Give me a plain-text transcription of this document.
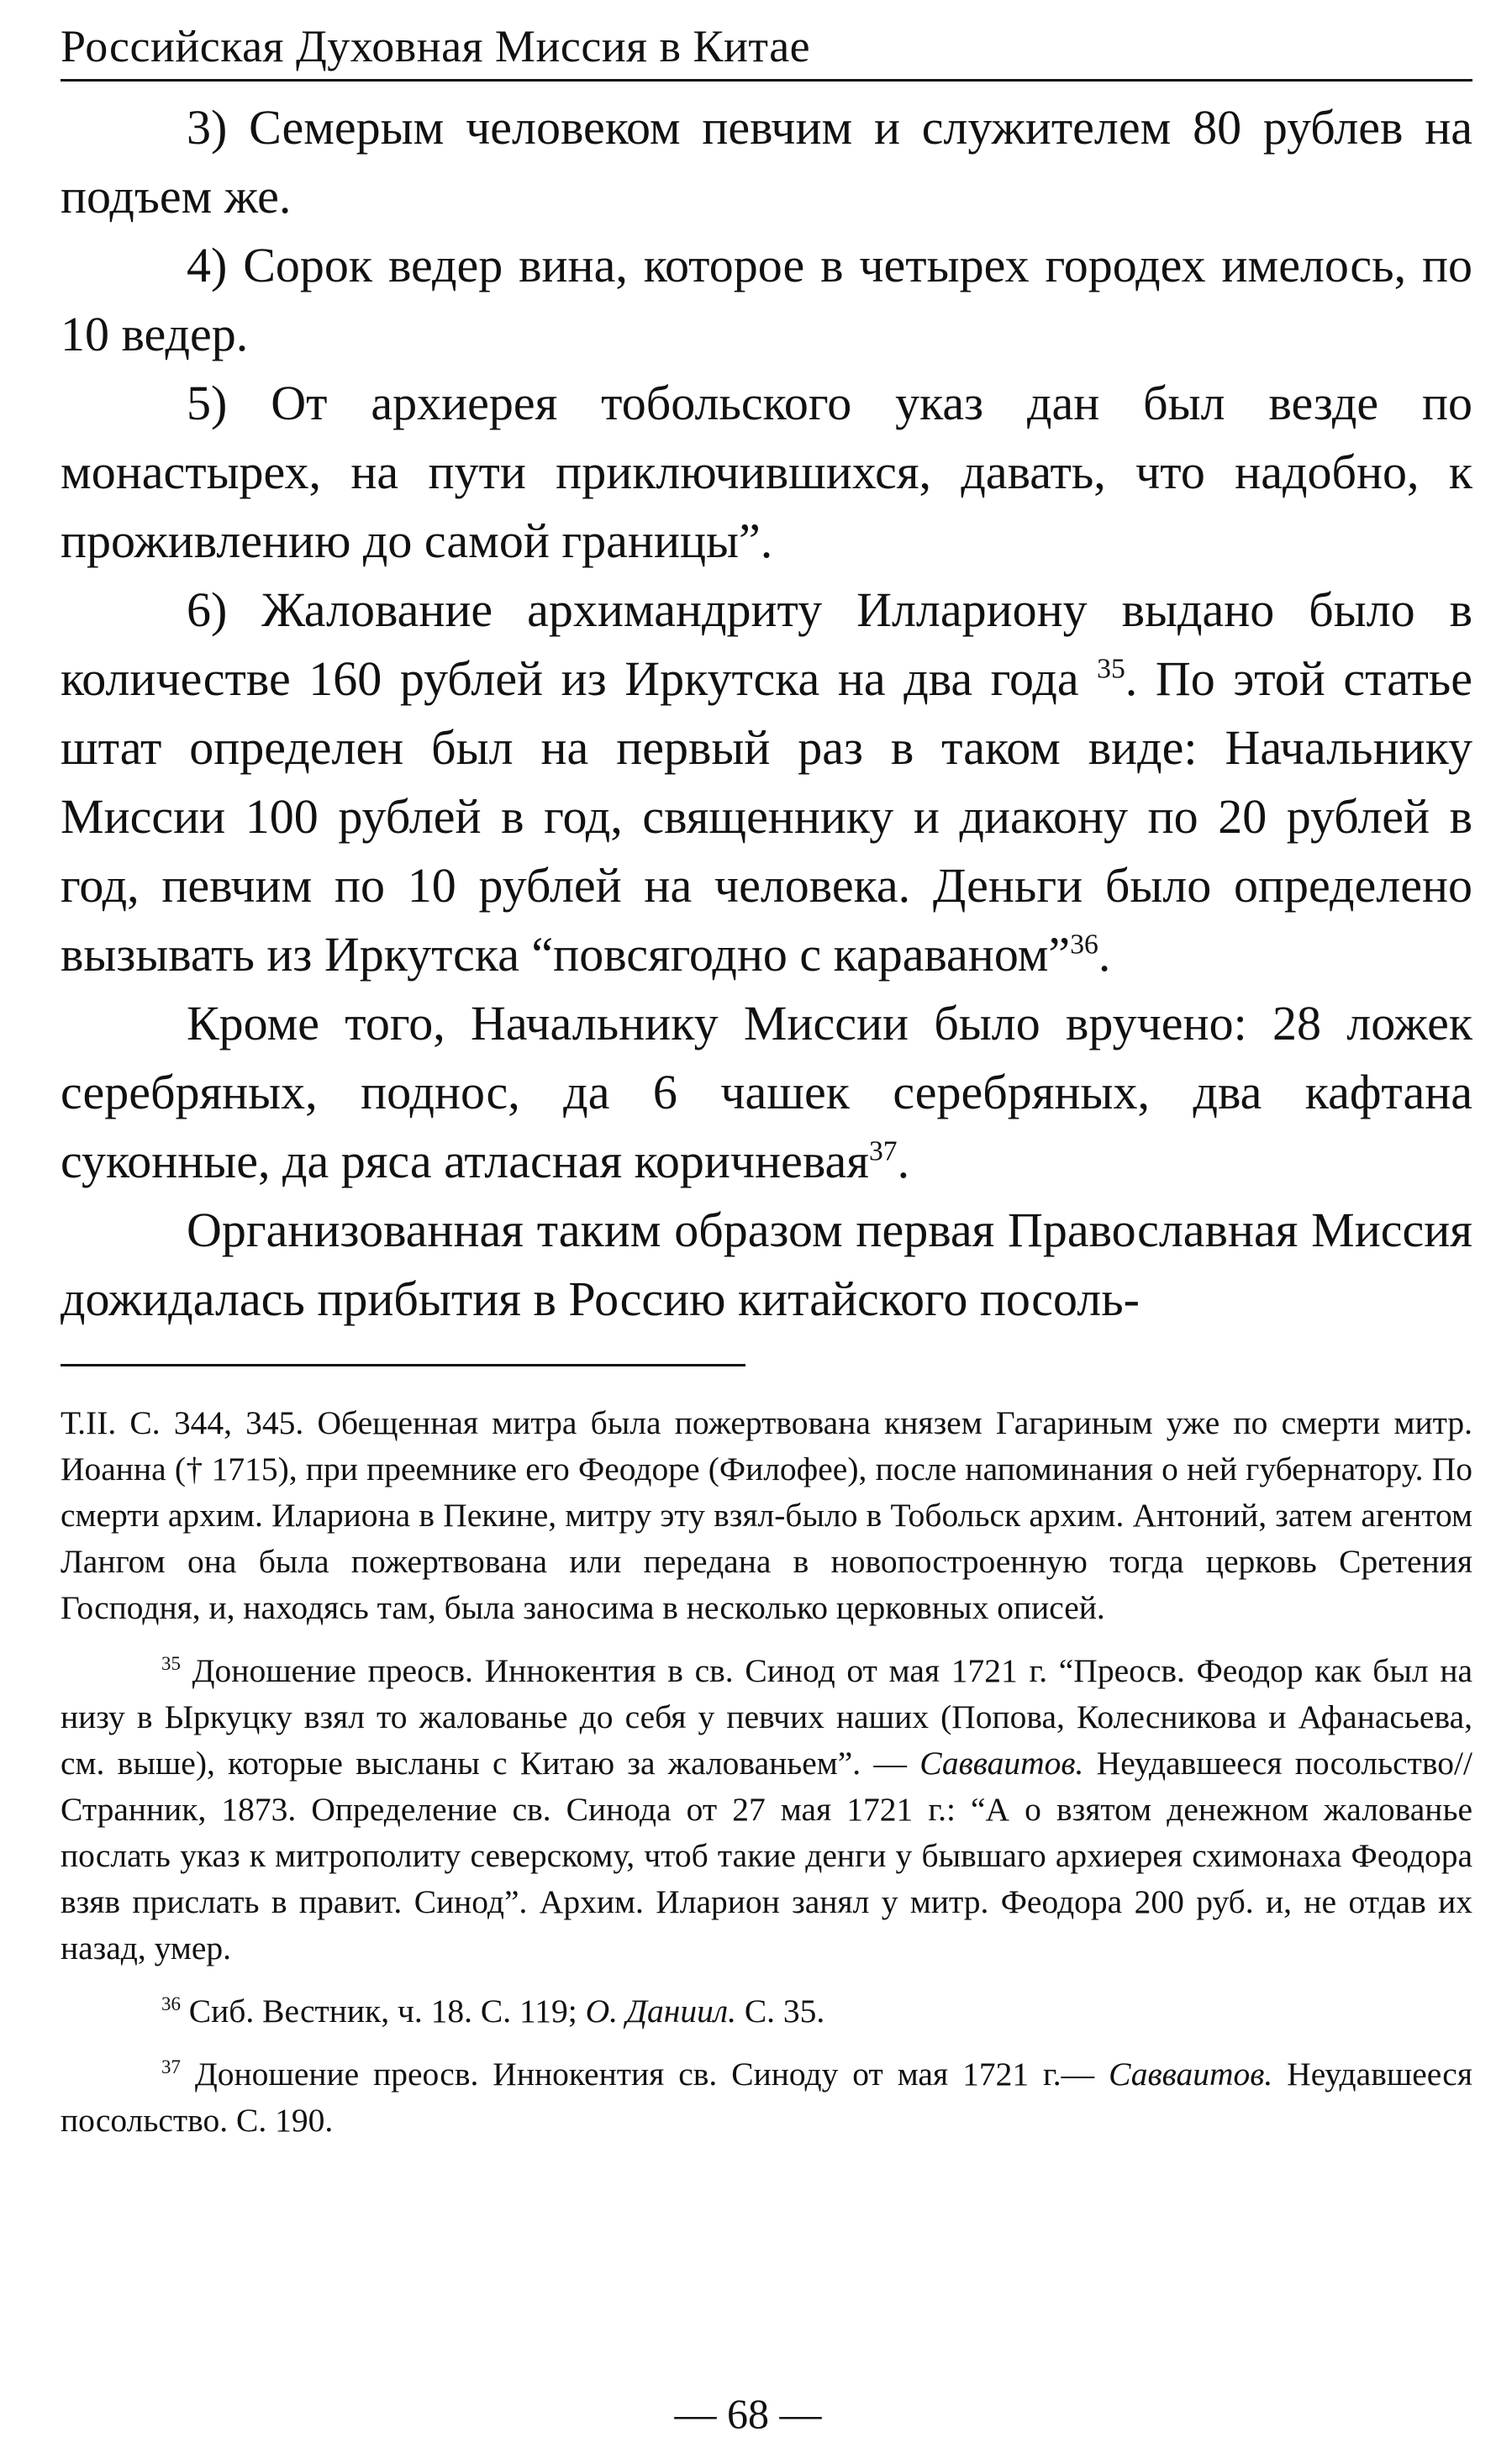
Российская Духовная Миссия в Китае

3) Семерым человеком певчим и служителем 80 рублев на подъем же.

4) Сорок ведер вина, которое в четырех городех имелось, по 10 ведер.

5) От архиерея тобольского указ дан был везде по монастырех, на пути приключившихся, давать, что надобно, к проживлению до самой границы”.

6) Жалование архимандриту Иллариону выдано было в количестве 160 рублей из Иркутска на два года $^{35}$. По этой статье штат определен был на первый раз в таком виде: Начальнику Миссии 100 рублей в год, священнику и диакону по 20 рублей в год, певчим по 10 рублей на человека. Деньги было определено вызывать из Иркутска “повсягодно с караваном”$^{36}$.

Кроме того, Начальнику Миссии было вручено: 28 ложек серебряных, поднос, да 6 чашек серебряных, два кафтана суконные, да ряса атласная коричневая$^{37}$.

Организованная таким образом первая Православная Миссия дожидалась прибытия в Россию китайского посоль-

Т.II. С. 344, 345. Обещенная митра была пожертвована князем Гагариным уже по смерти митр. Иоанна († 1715), при преемнике его Феодоре (Филофее), после напоминания о ней губернатору. По смерти архим. Илариона в Пекине, митру эту взял-было в Тобольск архим. Антоний, затем агентом Лангом она была пожертвована или передана в новопостроенную тогда церковь Сретения Господня, и, находясь там, была заносима в несколько церковных описей.

$^{35}$ Доношение преосв. Иннокентия в св. Синод от мая 1721 г. “Преосв. Феодор как был на низу в Ыркуцку взял то жалованье до себя у певчих наших (Попова, Колесникова и Афанасьева, см. выше), которые высланы с Китаю за жалованьем”. — Савваитов. Неудавшееся посольство// Странник, 1873. Определение св. Синода от 27 мая 1721 г.: “А о взятом денежном жалованье послать указ к митрополиту северскому, чтоб такие денги у бывшаго архиерея схимонаха Феодора взяв прислать в правит. Синод”. Архим. Иларион занял у митр. Феодора 200 руб. и, не отдав их назад, умер.

$^{36}$ Сиб. Вестник, ч. 18. С. 119; О. Даниил. С. 35.

$^{37}$ Доношение преосв. Иннокентия св. Синоду от мая 1721 г.— Савваитов. Неудавшееся посольство. С. 190.

— 68 —
